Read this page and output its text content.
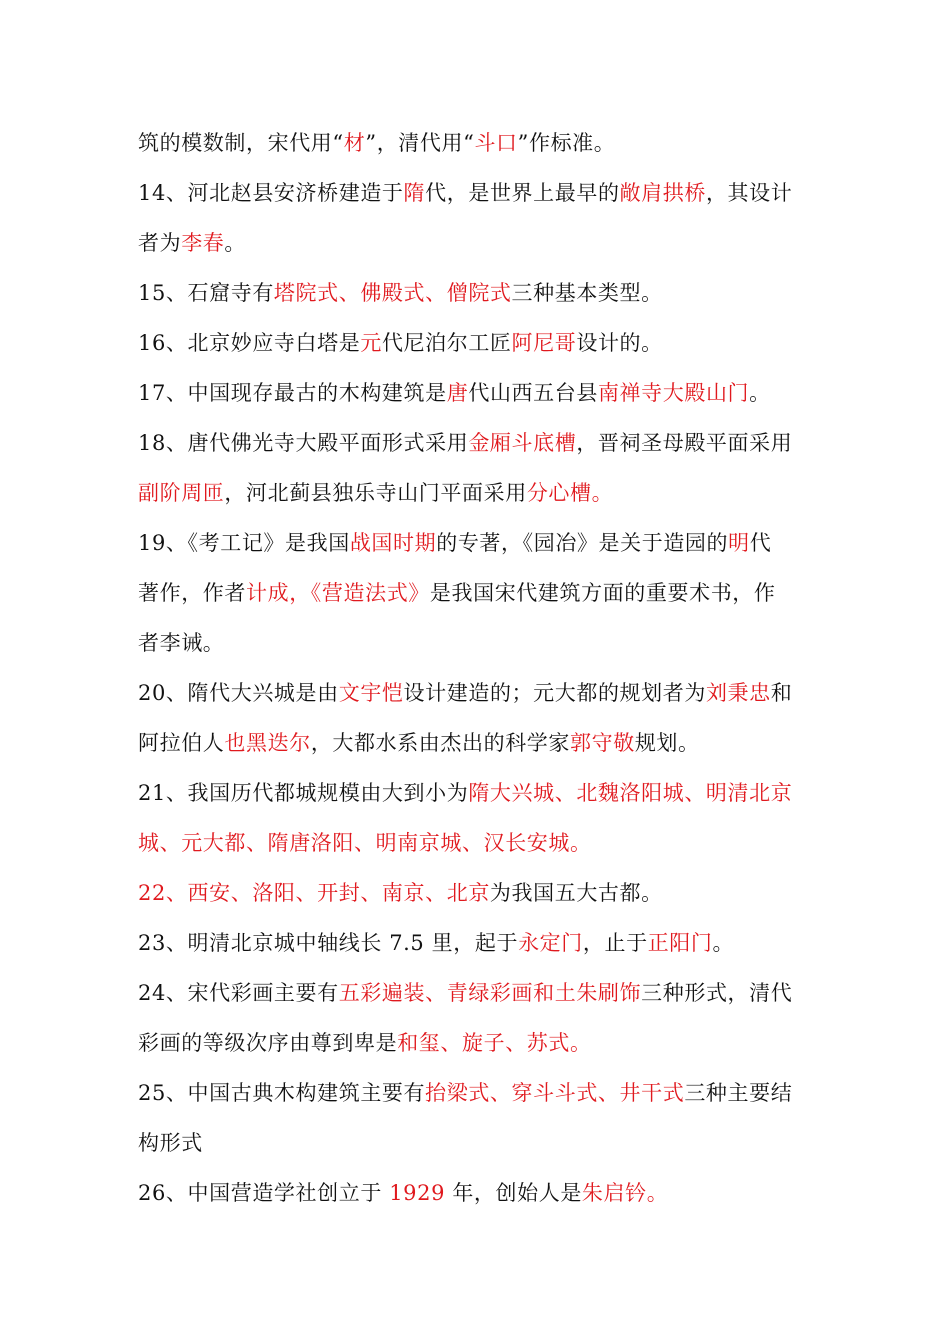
筑的模数制，宋代用“材”，清代用“斗口”作标准。
14、河北赵县安济桥建造于隋代，是世界上最早的敞肩拱桥，其设计
者为李春。
15、石窟寺有塔院式、佛殿式、僧院式三种基本类型。
16、北京妙应寺白塔是元代尼泊尔工匠阿尼哥设计的。
17、中国现存最古的木构建筑是唐代山西五台县南禅寺大殿山门。
18、唐代佛光寺大殿平面形式采用金厢斗底槽，晋祠圣母殿平面采用
副阶周匝，河北蓟县独乐寺山门平面采用分心槽。
19、《考工记》是我国战国时期的专著，《园冶》是关于造园的明代
著作，作者计成，《营造法式》是我国宋代建筑方面的重要术书，作
者李诫。
20、隋代大兴城是由文宇恺设计建造的；元大都的规划者为刘秉忠和
阿拉伯人也黑迭尔，大都水系由杰出的科学家郭守敬规划。
21、我国历代都城规模由大到小为隋大兴城、北魏洛阳城、明清北京
城、元大都、隋唐洛阳、明南京城、汉长安城。
22、西安、洛阳、开封、南京、北京为我国五大古都。
23、明清北京城中轴线长 7.5 里，起于永定门，止于正阳门。
24、宋代彩画主要有五彩遍装、青绿彩画和土朱刷饰三种形式，清代
彩画的等级次序由尊到卑是和玺、旋子、苏式。
25、中国古典木构建筑主要有抬梁式、穿斗斗式、井干式三种主要结
构形式
26、中国营造学社创立于 1929 年，创始人是朱启钤。
